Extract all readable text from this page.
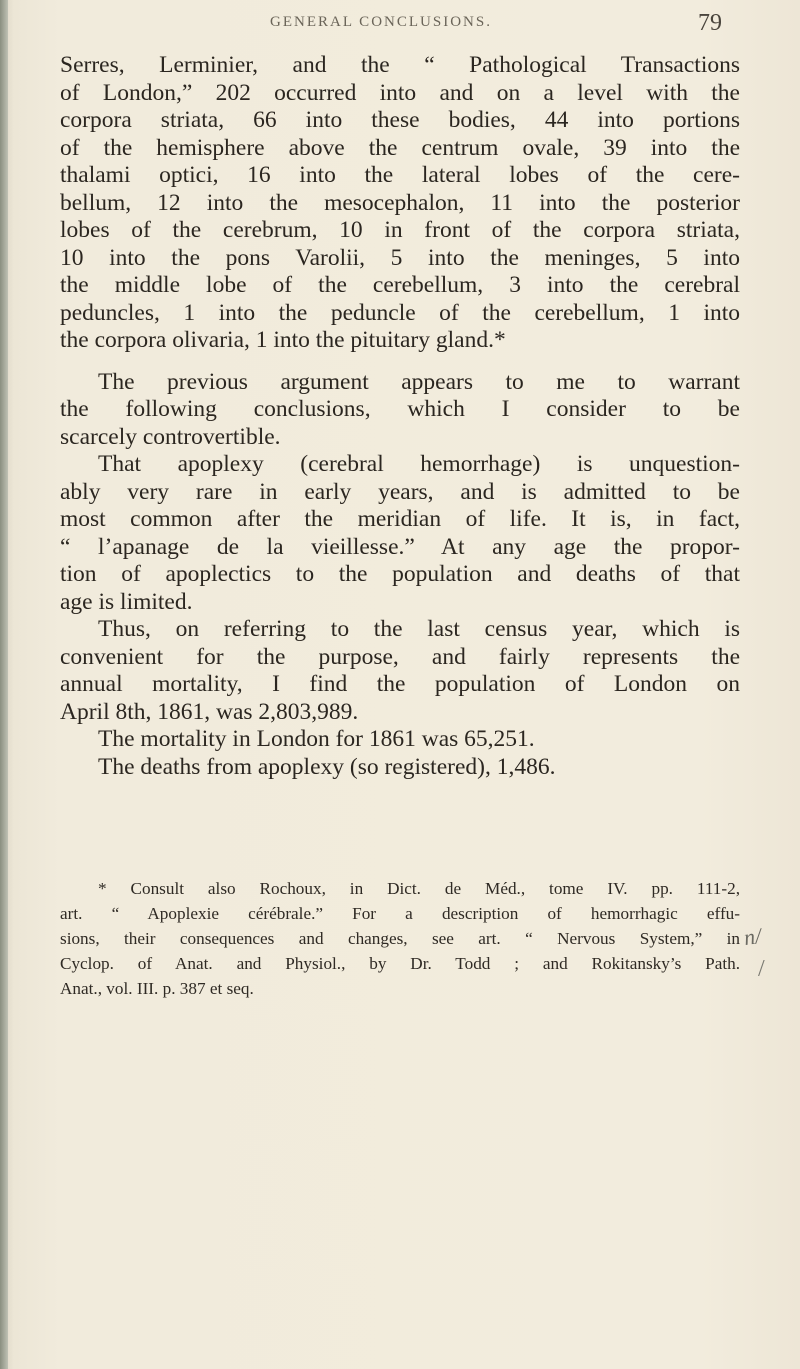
GENERAL CONCLUSIONS.	79
Serres, Lerminier, and the “ Pathological Transactions
of London,” 202 occurred into and on a level with the
corpora striata, 66 into these bodies, 44 into portions
of the hemisphere above the centrum ovale, 39 into the
thalami optici, 16 into the lateral lobes of the cere-
bellum, 12 into the mesocephalon, 11 into the posterior
lobes of the cerebrum, 10 in front of the corpora striata,
10 into the pons Varolii, 5 into the meninges, 5 into
the middle lobe of the cerebellum, 3 into the cerebral
peduncles, 1 into the peduncle of the cerebellum, 1 into
the corpora olivaria, 1 into the pituitary gland.*
The previous argument appears to me to warrant
the following conclusions, which I consider to be
scarcely controvertible.
That apoplexy (cerebral hemorrhage) is unquestion-
ably very rare in early years, and is admitted to be
most common after the meridian of life. It is, in fact,
“ l’apanage de la vieillesse.” At any age the propor-
tion of apoplectics to the population and deaths of that
age is limited.
Thus, on referring to the last census year, which is
convenient for the purpose, and fairly represents the
annual mortality, I find the population of London on
April 8th, 1861, was 2,803,989.
The mortality in London for 1861 was 65,251.
The deaths from apoplexy (so registered), 1,486.
* Consult also Rochoux, in Dict. de Méd., tome IV. pp. 111-2,
art. “ Apoplexie cérébrale.” For a description of hemorrhagic effu-
sions, their consequences and changes, see art. “ Nervous System,” in
Cyclop. of Anat. and Physiol., by Dr. Todd ; and Rokitansky’s Path.
Anat., vol. III. p. 387 et seq.
n/
/
